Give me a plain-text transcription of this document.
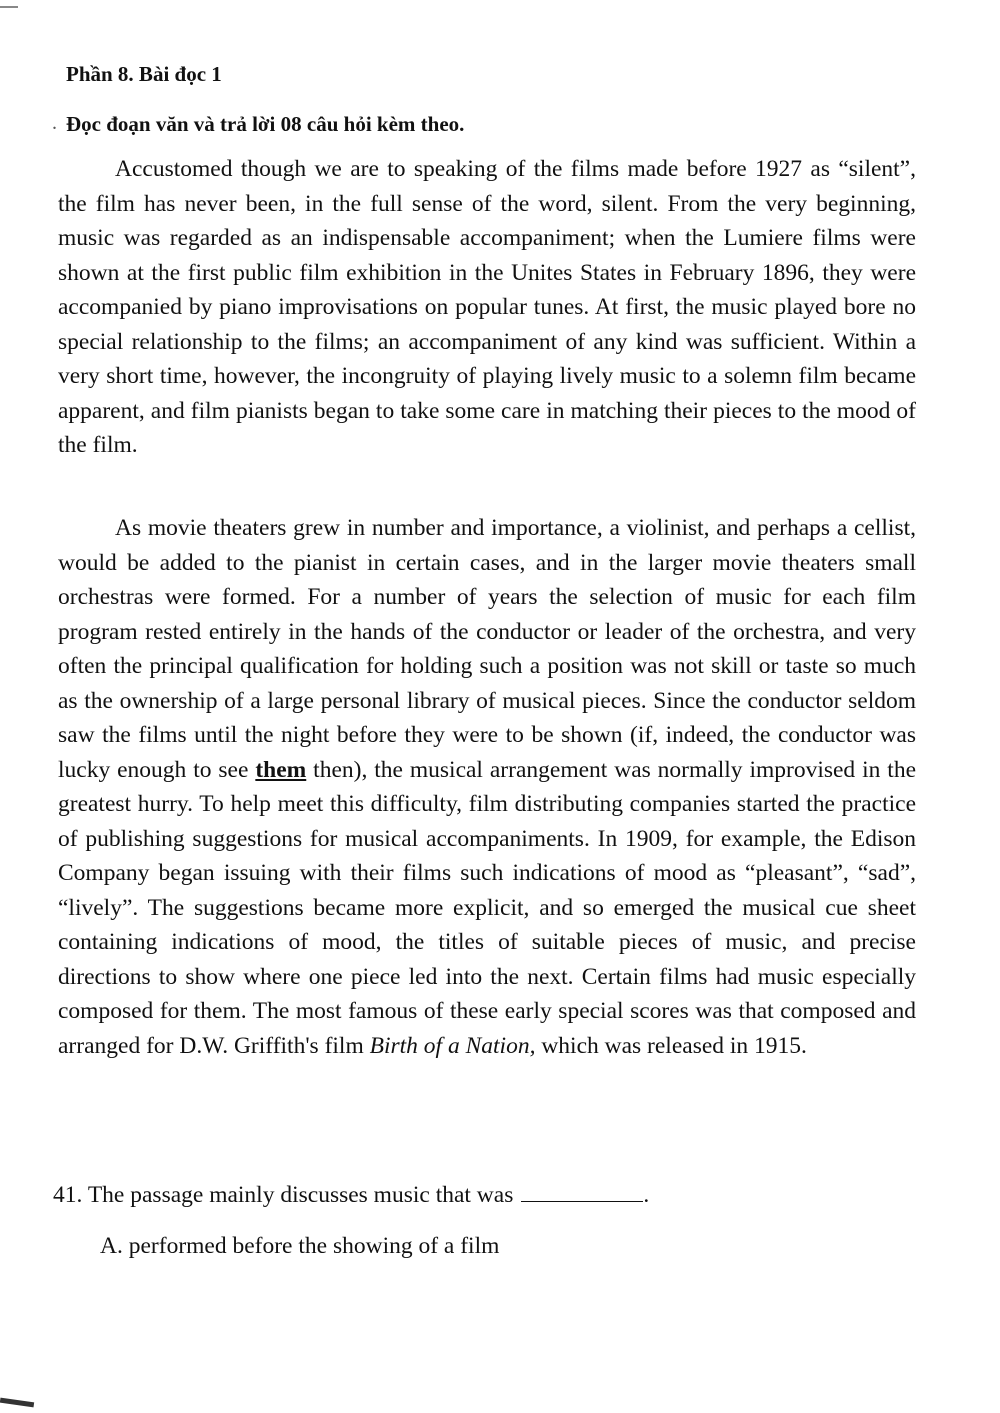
Phần 8. Bài đọc 1
. Đọc đoạn văn và trả lời 08 câu hỏi kèm theo.

Accustomed though we are to speaking of the films made before 1927 as “silent”, the film has never been, in the full sense of the word, silent. From the very beginning, music was regarded as an indispensable accompaniment; when the Lumiere films were shown at the first public film exhibition in the Unites States in February 1896, they were accompanied by piano improvisations on popular tunes. At first, the music played bore no special relationship to the films; an accompaniment of any kind was sufficient. Within a very short time, however, the incongruity of playing lively music to a solemn film became apparent, and film pianists began to take some care in matching their pieces to the mood of the film.

As movie theaters grew in number and importance, a violinist, and perhaps a cellist, would be added to the pianist in certain cases, and in the larger movie theaters small orchestras were formed. For a number of years the selection of music for each film program rested entirely in the hands of the conductor or leader of the orchestra, and very often the principal qualification for holding such a position was not skill or taste so much as the ownership of a large personal library of musical pieces. Since the conductor seldom saw the films until the night before they were to be shown (if, indeed, the conductor was lucky enough to see them then), the musical arrangement was normally improvised in the greatest hurry. To help meet this difficulty, film distributing companies started the practice of publishing suggestions for musical accompaniments. In 1909, for example, the Edison Company began issuing with their films such indications of mood as “pleasant”, “sad”, “lively”. The suggestions became more explicit, and so emerged the musical cue sheet containing indications of mood, the titles of suitable pieces of music, and precise directions to show where one piece led into the next. Certain films had music especially composed for them. The most famous of these early special scores was that composed and arranged for D.W. Griffith's film Birth of a Nation, which was released in 1915.

41. The passage mainly discusses music that was	.
A. performed before the showing of a film
